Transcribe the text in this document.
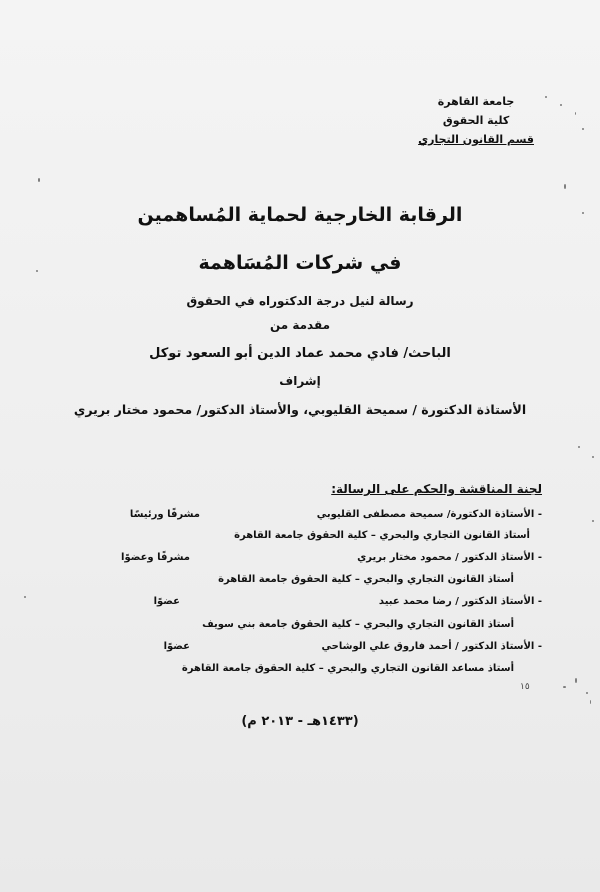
١٥
جامعة القاهرة
كلية الحقوق
قسم القانون التجاري
الرقابة الخارجية لحماية المُساهمين
في شركات المُسَاهمة
رسالة لنيل درجة الدكتوراه في الحقوق
مقدمة من
الباحث/ فادي محمد عماد الدين أبو السعود توكل
إشراف
الأستاذة الدكتورة / سميحة القليوبي، والأستاذ الدكتور/ محمود مختار بريري
لجنة المناقشة والحكم على الرسالة:
- الأستاذة الدكتورة/ سميحة مصطفى القليوبي
مشرفًا ورئيسًا
أستاذ القانون التجاري والبحري – كلية الحقوق جامعة القاهرة
- الأستاذ الدكتور / محمود مختار بريري
مشرفًا وعضوًا
أستاذ القانون التجاري والبحري – كلية الحقوق جامعة القاهرة
- الأستاذ الدكتور / رضا محمد عبيد
عضوًا
أستاذ القانون التجاري والبحري – كلية الحقوق جامعة بني سويف
- الأستاذ الدكتور / أحمد فاروق علي الوشاحي
عضوًا
أستاذ مساعد القانون التجاري والبحري – كلية الحقوق جامعة القاهرة
(١٤٣٣هـ - ٢٠١٣ م)
